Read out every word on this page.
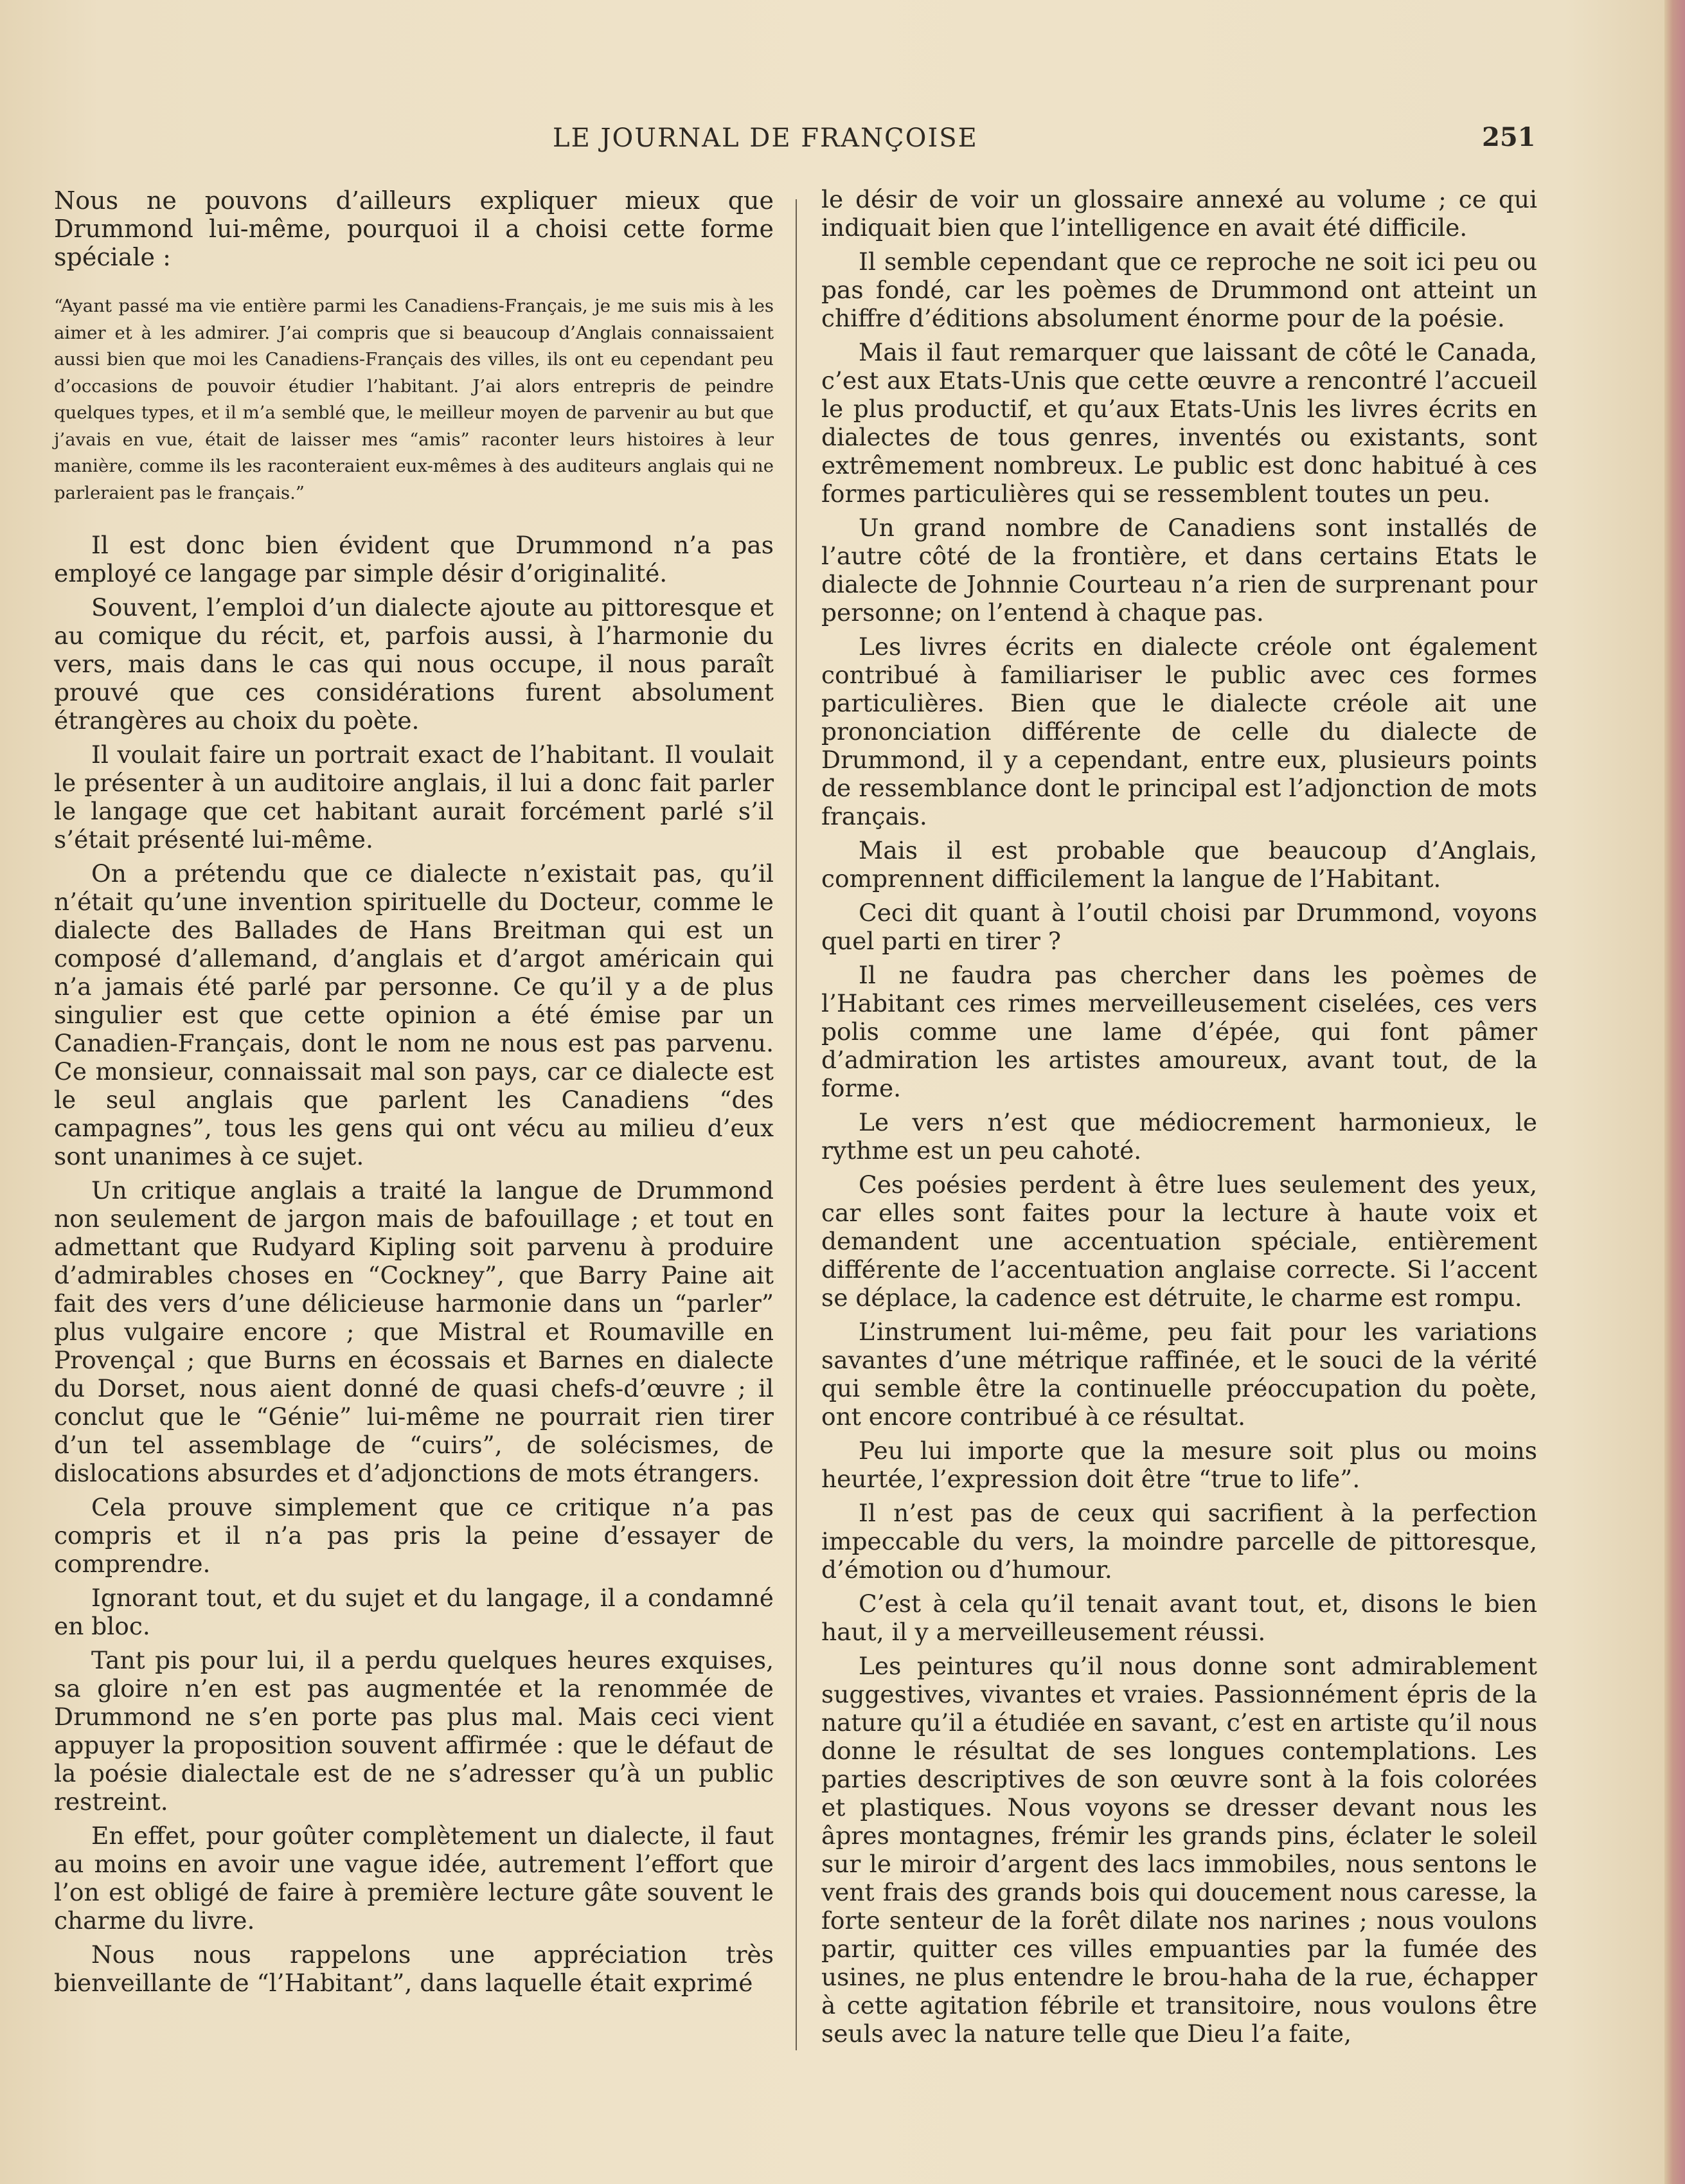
LE JOURNAL DE FRANÇOISE	251

Nous ne pouvons d’ailleurs expliquer mieux que Drummond lui-même, pourquoi il a choisi cette forme spéciale :

“Ayant passé ma vie entière parmi les Canadiens-Français, je me suis mis à les aimer et à les admirer. J’ai compris que si beaucoup d’Anglais connaissaient aussi bien que moi les Canadiens-Français des villes, ils ont eu cependant peu d’occasions de pouvoir étudier l’habitant. J’ai alors entrepris de peindre quelques types, et il m’a semblé que, le meilleur moyen de parvenir au but que j’avais en vue, était de laisser mes “amis” raconter leurs histoires à leur manière, comme ils les raconteraient eux-mêmes à des auditeurs anglais qui ne parleraient pas le français.”

Il est donc bien évident que Drummond n’a pas employé ce langage par simple désir d’originalité.

Souvent, l’emploi d’un dialecte ajoute au pittoresque et au comique du récit, et, parfois aussi, à l’harmonie du vers, mais dans le cas qui nous occupe, il nous paraît prouvé que ces considérations furent absolument étrangères au choix du poète.

Il voulait faire un portrait exact de l’habitant. Il voulait le présenter à un auditoire anglais, il lui a donc fait parler le langage que cet habitant aurait forcément parlé s’il s’était présenté lui-même.

On a prétendu que ce dialecte n’existait pas, qu’il n’était qu’une invention spirituelle du Docteur, comme le dialecte des Ballades de Hans Breitman qui est un composé d’allemand, d’anglais et d’argot américain qui n’a jamais été parlé par personne. Ce qu’il y a de plus singulier est que cette opinion a été émise par un Canadien-Français, dont le nom ne nous est pas parvenu. Ce monsieur, connaissait mal son pays, car ce dialecte est le seul anglais que parlent les Canadiens “des campagnes”, tous les gens qui ont vécu au milieu d’eux sont unanimes à ce sujet.

Un critique anglais a traité la langue de Drummond non seulement de jargon mais de bafouillage ; et tout en admettant que Rudyard Kipling soit parvenu à produire d’admirables choses en “Cockney”, que Barry Paine ait fait des vers d’une délicieuse harmonie dans un “parler” plus vulgaire encore ; que Mistral et Roumaville en Provençal ; que Burns en écossais et Barnes en dialecte du Dorset, nous aient donné de quasi chefs-d’œuvre ; il conclut que le “Génie” lui-même ne pourrait rien tirer d’un tel assemblage de “cuirs”, de solécismes, de dislocations absurdes et d’adjonctions de mots étrangers.

Cela prouve simplement que ce critique n’a pas compris et il n’a pas pris la peine d’essayer de comprendre.

Ignorant tout, et du sujet et du langage, il a condamné en bloc.

Tant pis pour lui, il a perdu quelques heures exquises, sa gloire n’en est pas augmentée et la renommée de Drummond ne s’en porte pas plus mal. Mais ceci vient appuyer la proposition souvent affirmée : que le défaut de la poésie dialectale est de ne s’adresser qu’à un public restreint.

En effet, pour goûter complètement un dialecte, il faut au moins en avoir une vague idée, autrement l’effort que l’on est obligé de faire à première lecture gâte souvent le charme du livre.

Nous nous rappelons une appréciation très bienveillante de “l’Habitant”, dans laquelle était exprimé

le désir de voir un glossaire annexé au volume ; ce qui indiquait bien que l’intelligence en avait été difficile.

Il semble cependant que ce reproche ne soit ici peu ou pas fondé, car les poèmes de Drummond ont atteint un chiffre d’éditions absolument énorme pour de la poésie.

Mais il faut remarquer que laissant de côté le Canada, c’est aux Etats-Unis que cette œuvre a rencontré l’accueil le plus productif, et qu’aux Etats-Unis les livres écrits en dialectes de tous genres, inventés ou existants, sont extrêmement nombreux. Le public est donc habitué à ces formes particulières qui se ressemblent toutes un peu.

Un grand nombre de Canadiens sont installés de l’autre côté de la frontière, et dans certains Etats le dialecte de Johnnie Courteau n’a rien de surprenant pour personne; on l’entend à chaque pas.

Les livres écrits en dialecte créole ont également contribué à familiariser le public avec ces formes particulières. Bien que le dialecte créole ait une prononciation différente de celle du dialecte de Drummond, il y a cependant, entre eux, plusieurs points de ressemblance dont le principal est l’adjonction de mots français.

Mais il est probable que beaucoup d’Anglais, comprennent difficilement la langue de l’Habitant.

Ceci dit quant à l’outil choisi par Drummond, voyons quel parti en tirer ?

Il ne faudra pas chercher dans les poèmes de l’Habitant ces rimes merveilleusement ciselées, ces vers polis comme une lame d’épée, qui font pâmer d’admiration les artistes amoureux, avant tout, de la forme.

Le vers n’est que médiocrement harmonieux, le rythme est un peu cahoté.

Ces poésies perdent à être lues seulement des yeux, car elles sont faites pour la lecture à haute voix et demandent une accentuation spéciale, entièrement différente de l’accentuation anglaise correcte. Si l’accent se déplace, la cadence est détruite, le charme est rompu.

L’instrument lui-même, peu fait pour les variations savantes d’une métrique raffinée, et le souci de la vérité qui semble être la continuelle préoccupation du poète, ont encore contribué à ce résultat.

Peu lui importe que la mesure soit plus ou moins heurtée, l’expression doit être “true to life”.

Il n’est pas de ceux qui sacrifient à la perfection impeccable du vers, la moindre parcelle de pittoresque, d’émotion ou d’humour.

C’est à cela qu’il tenait avant tout, et, disons le bien haut, il y a merveilleusement réussi.

Les peintures qu’il nous donne sont admirablement suggestives, vivantes et vraies. Passionnément épris de la nature qu’il a étudiée en savant, c’est en artiste qu’il nous donne le résultat de ses longues contemplations. Les parties descriptives de son œuvre sont à la fois colorées et plastiques. Nous voyons se dresser devant nous les âpres montagnes, frémir les grands pins, éclater le soleil sur le miroir d’argent des lacs immobiles, nous sentons le vent frais des grands bois qui doucement nous caresse, la forte senteur de la forêt dilate nos narines ; nous voulons partir, quitter ces villes empuanties par la fumée des usines, ne plus entendre le brou-haha de la rue, échapper à cette agitation fébrile et transitoire, nous voulons être seuls avec la nature telle que Dieu l’a faite,
